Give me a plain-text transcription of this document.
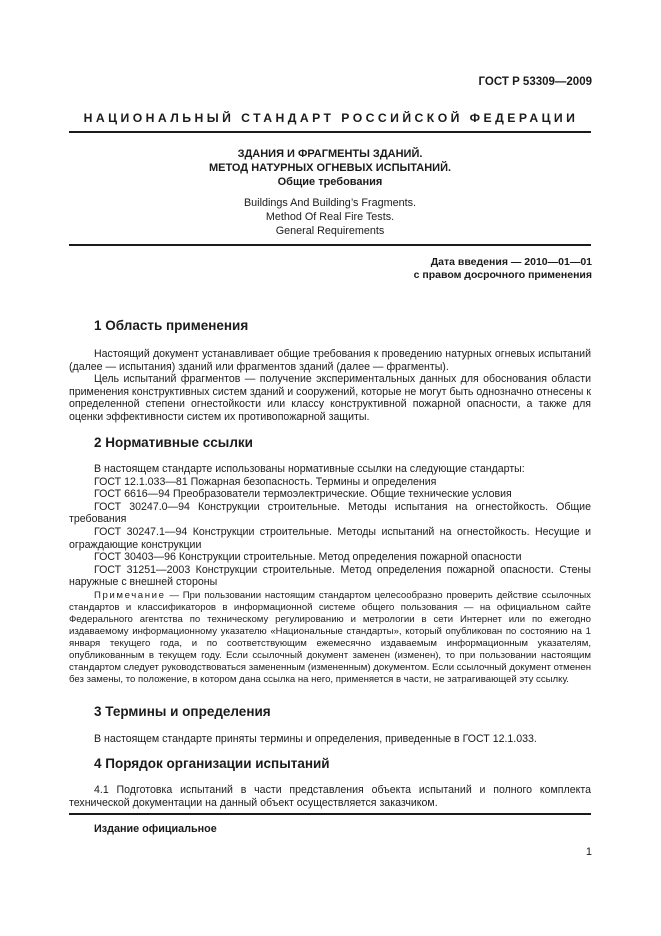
ГОСТ Р 53309—2009
НАЦИОНАЛЬНЫЙ СТАНДАРТ РОССИЙСКОЙ ФЕДЕРАЦИИ
ЗДАНИЯ И ФРАГМЕНТЫ ЗДАНИЙ.
МЕТОД НАТУРНЫХ ОГНЕВЫХ ИСПЫТАНИЙ.
Общие требования
Buildings And Building’s Fragments.
Method Of Real Fire Tests.
General Requirements
Дата введения — 2010—01—01
с правом досрочного применения
1 Область применения

Настоящий документ устанавливает общие требования к проведению натурных огневых испытаний (далее — испытания) зданий или фрагментов зданий (далее — фрагменты).

Цель испытаний фрагментов — получение экспериментальных данных для обоснования области применения конструктивных систем зданий и сооружений, которые не могут быть однозначно отнесены к определенной степени огнестойкости или классу конструктивной пожарной опасности, а также для оценки эффективности систем их противопожарной защиты.

2 Нормативные ссылки
В настоящем стандарте использованы нормативные ссылки на следующие стандарты:
ГОСТ 12.1.033—81 Пожарная безопасность. Термины и определения
ГОСТ 6616—94 Преобразователи термоэлектрические. Общие технические условия
ГОСТ 30247.0—94 Конструкции строительные. Методы испытания на огнестойкость. Общие требования
ГОСТ 30247.1—94 Конструкции строительные. Методы испытаний на огнестойкость. Несущие и ограждающие конструкции
ГОСТ 30403—96 Конструкции строительные. Метод определения пожарной опасности
ГОСТ 31251—2003 Конструкции строительные. Метод определения пожарной опасности. Стены наружные с внешней стороны
Примечание — При пользовании настоящим стандартом целесообразно проверить действие ссылочных стандартов и классификаторов в информационной системе общего пользования — на официальном сайте Федерального агентства по техническому регулированию и метрологии в сети Интернет или по ежегодно издаваемому информационному указателю «Национальные стандарты», который опубликован по состоянию на 1 января текущего года, и по соответствующим ежемесячно издаваемым информационным указателям, опубликованным в текущем году. Если ссылочный документ заменен (изменен), то при пользовании настоящим стандартом следует руководствоваться замененным (измененным) документом. Если ссылочный документ отменен без замены, то положение, в котором дана ссылка на него, применяется в части, не затрагивающей эту ссылку.
3 Термины и определения

В настоящем стандарте приняты термины и определения, приведенные в ГОСТ 12.1.033.

4 Порядок организации испытаний

4.1 Подготовка испытаний в части представления объекта испытаний и полного комплекта технической документации на данный объект осуществляется заказчиком.

Издание официальное
1
